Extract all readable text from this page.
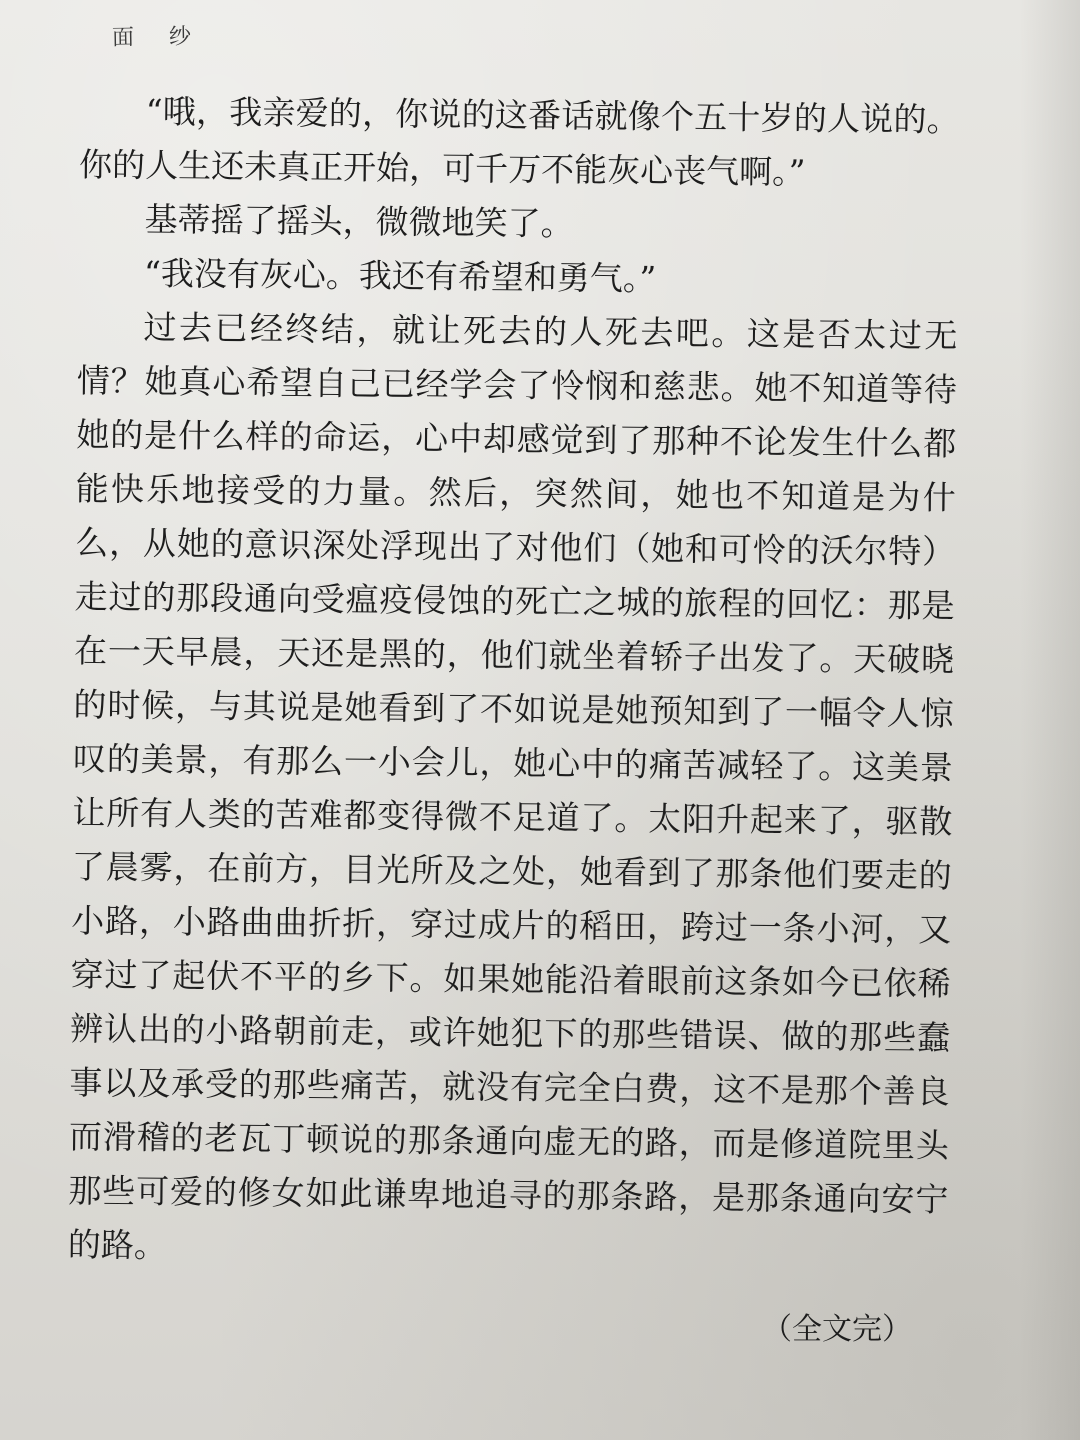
面 纱

“哦，我亲爱的，你说的这番话就像个五十岁的人说的。你的人生还未真正开始，可千万不能灰心丧气啊。”

基蒂摇了摇头，微微地笑了。

“我没有灰心。我还有希望和勇气。”

过去已经终结，就让死去的人死去吧。这是否太过无情？她真心希望自己已经学会了怜悯和慈悲。她不知道等待她的是什么样的命运，心中却感觉到了那种不论发生什么都能快乐地接受的力量。然后，突然间，她也不知道是为什么，从她的意识深处浮现出了对他们（她和可怜的沃尔特）走过的那段通向受瘟疫侵蚀的死亡之城的旅程的回忆：那是在一天早晨，天还是黑的，他们就坐着轿子出发了。天破晓的时候，与其说是她看到了不如说是她预知到了一幅令人惊叹的美景，有那么一小会儿，她心中的痛苦减轻了。这美景让所有人类的苦难都变得微不足道了。太阳升起来了，驱散了晨雾，在前方，目光所及之处，她看到了那条他们要走的小路，小路曲曲折折，穿过成片的稻田，跨过一条小河，又穿过了起伏不平的乡下。如果她能沿着眼前这条如今已依稀辨认出的小路朝前走，或许她犯下的那些错误、做的那些蠢事以及承受的那些痛苦，就没有完全白费，这不是那个善良而滑稽的老瓦丁顿说的那条通向虚无的路，而是修道院里头那些可爱的修女如此谦卑地追寻的那条路，是那条通向安宁的路。

（全文完）
